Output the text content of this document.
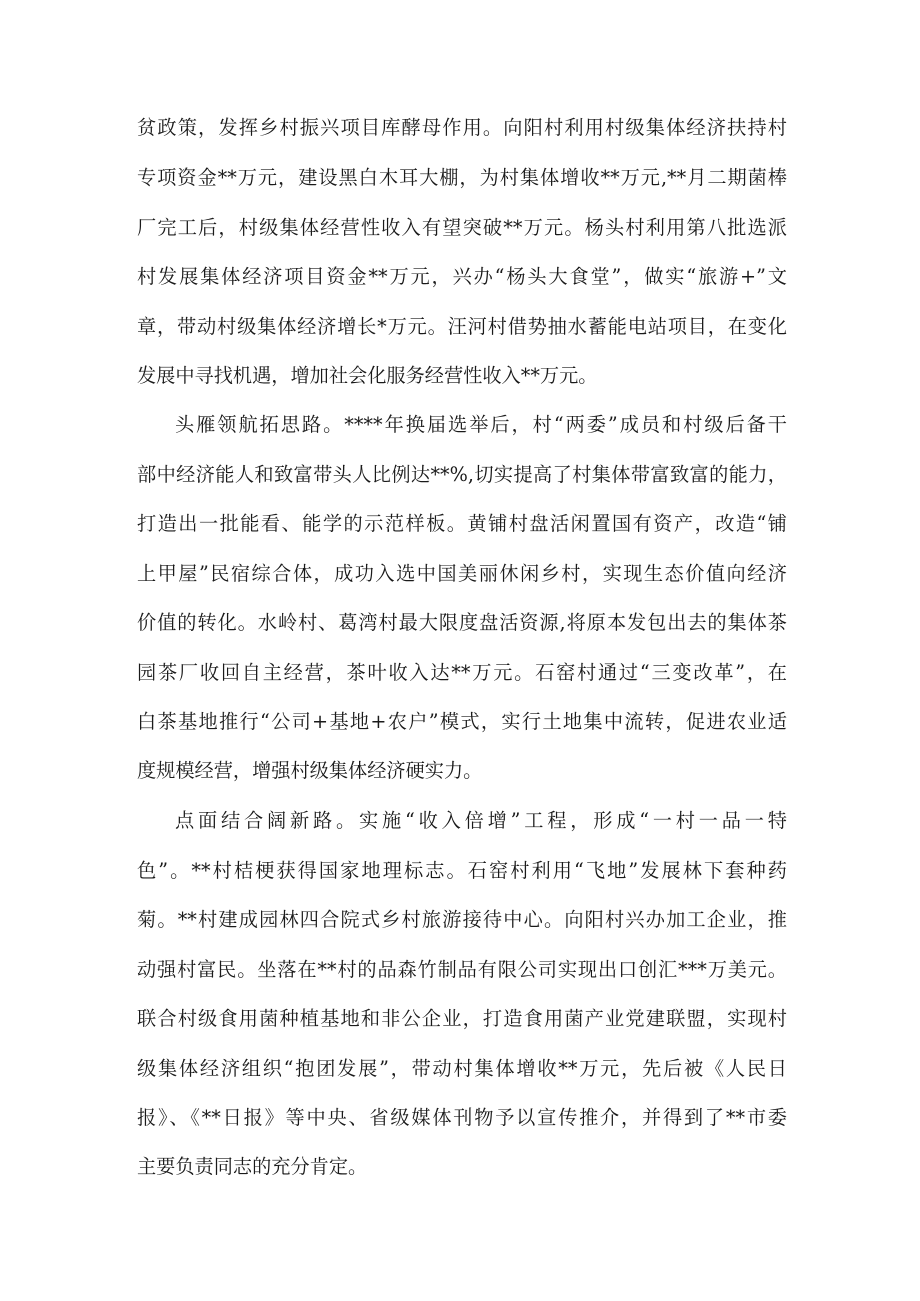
贫政策，发挥乡村振兴项目库酵母作用。向阳村利用村级集体经济扶持村
专项资金**万元，建设黑白木耳大棚，为村集体增收**万元,**月二期菌棒
厂完工后，村级集体经营性收入有望突破**万元。杨头村利用第八批选派
村发展集体经济项目资金**万元，兴办“杨头大食堂”，做实“旅游+”文
章，带动村级集体经济增长*万元。汪河村借势抽水蓄能电站项目，在变化
发展中寻找机遇，增加社会化服务经营性收入**万元。
头雁领航拓思路。****年换届选举后，村“两委”成员和村级后备干
部中经济能人和致富带头人比例达**%,切实提高了村集体带富致富的能力，
打造出一批能看、能学的示范样板。黄铺村盘活闲置国有资产，改造“铺
上甲屋”民宿综合体，成功入选中国美丽休闲乡村，实现生态价值向经济
价值的转化。水岭村、葛湾村最大限度盘活资源,将原本发包出去的集体茶
园茶厂收回自主经营，茶叶收入达**万元。石窑村通过“三变改革”，在
白茶基地推行“公司+基地+农户”模式，实行土地集中流转，促进农业适
度规模经营，增强村级集体经济硬实力。
点面结合阔新路。实施“收入倍增”工程，形成“一村一品一特
色”。**村桔梗获得国家地理标志。石窑村利用“飞地”发展林下套种药
菊。**村建成园林四合院式乡村旅游接待中心。向阳村兴办加工企业，推
动强村富民。坐落在**村的品森竹制品有限公司实现出口创汇***万美元。
联合村级食用菌种植基地和非公企业，打造食用菌产业党建联盟，实现村
级集体经济组织“抱团发展”，带动村集体增收**万元，先后被《人民日
报》、《**日报》等中央、省级媒体刊物予以宣传推介，并得到了**市委
主要负责同志的充分肯定。
